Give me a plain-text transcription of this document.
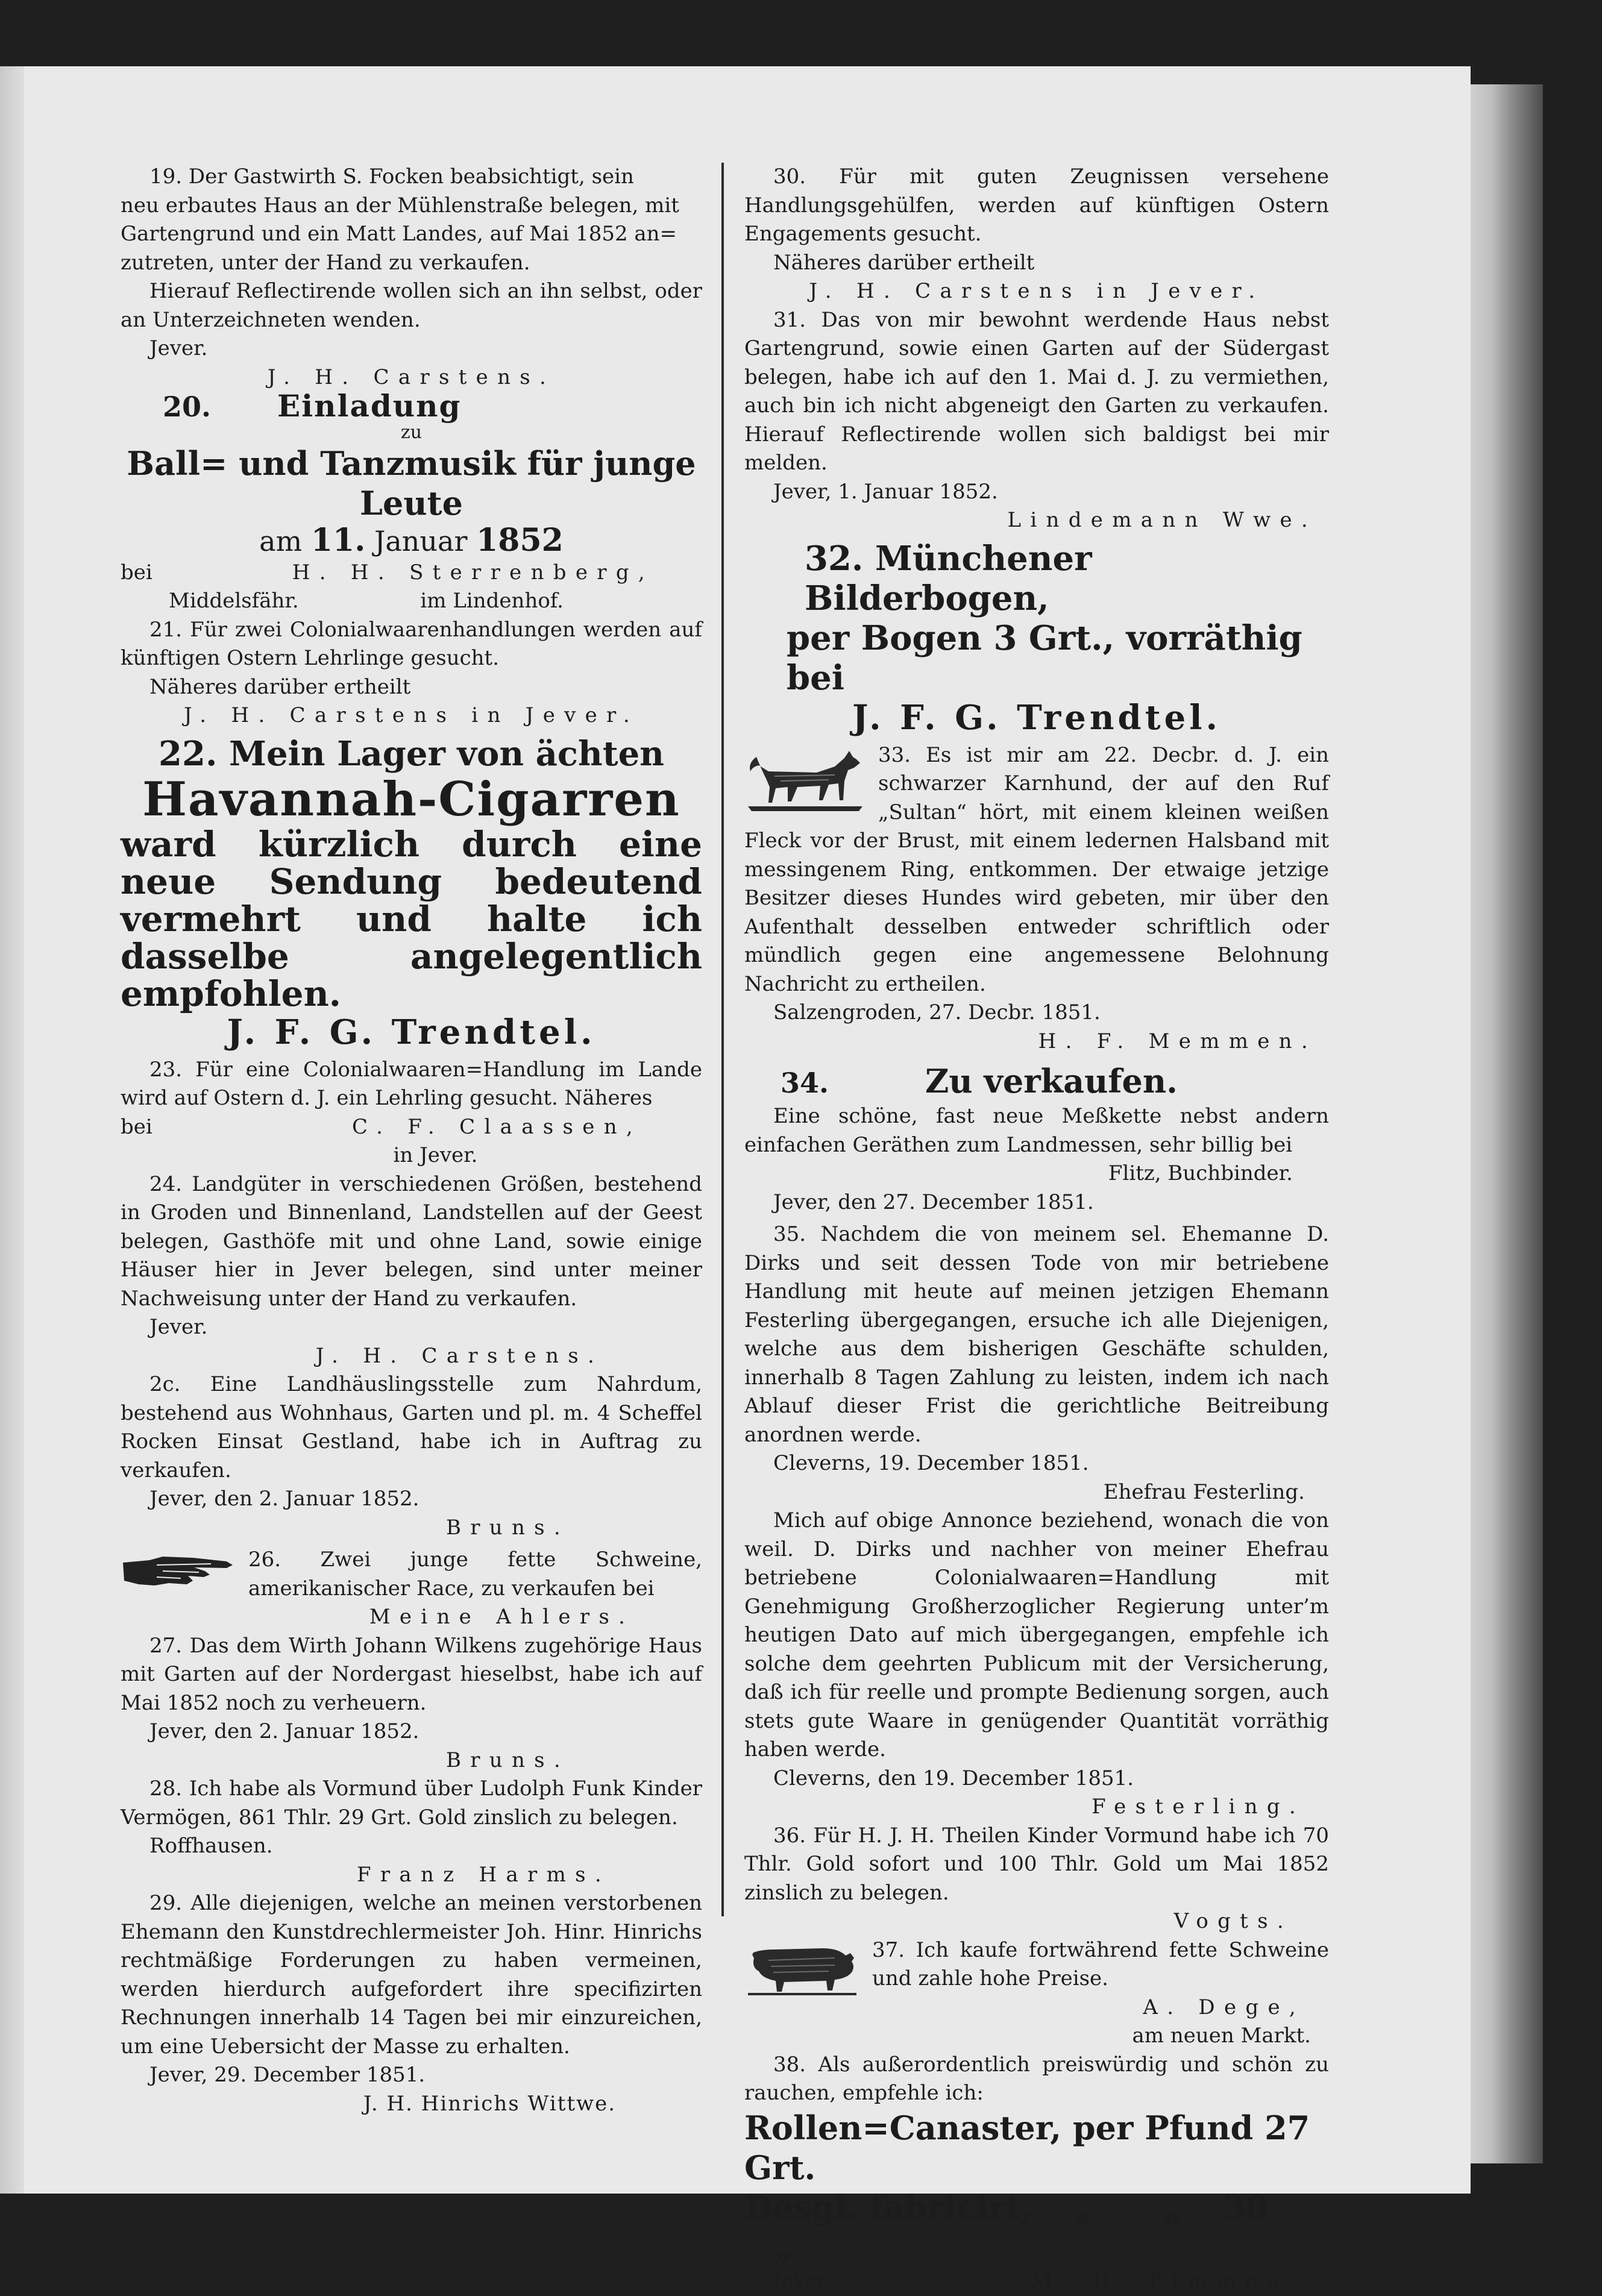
19. Der Gastwirth S. Focken beabsichtigt, sein

neu erbautes Haus an der Mühlenstraße belegen, mit

Gartengrund und ein Matt Landes, auf Mai 1852 an=

zutreten, unter der Hand zu verkaufen.

Hierauf Reflectirende wollen sich an ihn selbst, oder an Unterzeichneten wenden.

Jever.

J. H. Carstens.

20.	Einladung
zu
Ball= und Tanzmusik für junge Leute
am 11. Januar 1852
bei	H. H. Sterrenberg,
Middelsfähr.	im Lindenhof.

21. Für zwei Colonialwaarenhandlungen werden auf künftigen Ostern Lehrlinge gesucht.

Näheres darüber ertheilt

J. H. Carstens in Jever.

22. Mein Lager von ächten
Havannah-Cigarren

ward kürzlich durch eine neue Sendung bedeutend vermehrt und halte ich dasselbe angelegentlich empfohlen.

J. F. G. Trendtel.

23. Für eine Colonialwaaren=Handlung im Lande wird auf Ostern d. J. ein Lehrling gesucht. Näheres

bei	C. F. Claassen,

in Jever.

24. Landgüter in verschiedenen Größen, bestehend in Groden und Binnenland, Landstellen auf der Geest belegen, Gasthöfe mit und ohne Land, sowie einige Häuser hier in Jever belegen, sind unter meiner Nachweisung unter der Hand zu verkaufen.

Jever.

J. H. Carstens.

2c. Eine Landhäuslingsstelle zum Nahrdum, bestehend aus Wohnhaus, Garten und pl. m. 4 Scheffel Rocken Einsat Gestland, habe ich in Auftrag zu verkaufen.

Jever, den 2. Januar 1852.

Bruns.

26. Zwei junge fette Schweine, amerikanischer Race, zu verkaufen bei

Meine Ahlers.

27. Das dem Wirth Johann Wilkens zugehörige Haus mit Garten auf der Nordergast hieselbst, habe ich auf Mai 1852 noch zu verheuern.

Jever, den 2. Januar 1852.

Bruns.

28. Ich habe als Vormund über Ludolph Funk Kinder Vermögen, 861 Thlr. 29 Grt. Gold zinslich zu belegen.

Roffhausen.

Franz Harms.

29. Alle diejenigen, welche an meinen verstorbenen Ehemann den Kunstdrechlermeister Joh. Hinr. Hinrichs rechtmäßige Forderungen zu haben vermeinen, werden hierdurch aufgefordert ihre specifizirten Rechnungen innerhalb 14 Tagen bei mir einzureichen, um eine Uebersicht der Masse zu erhalten.

Jever, 29. December 1851.

J. H. Hinrichs Wittwe.

30. Für mit guten Zeugnissen versehene Handlungsgehülfen, werden auf künftigen Ostern Engagements gesucht.

Näheres darüber ertheilt

J. H. Carstens in Jever.

31. Das von mir bewohnt werdende Haus nebst Gartengrund, sowie einen Garten auf der Südergast belegen, habe ich auf den 1. Mai d. J. zu vermiethen, auch bin ich nicht abgeneigt den Garten zu verkaufen. Hierauf Reflectirende wollen sich baldigst bei mir melden.

Jever, 1. Januar 1852.

Lindemann Wwe.

32. Münchener Bilderbogen,
per Bogen 3 Grt., vorräthig bei
J. F. G. Trendtel.

33. Es ist mir am 22. Decbr. d. J. ein schwarzer Karnhund, der auf den Ruf „Sultan“ hört, mit einem kleinen weißen Fleck vor der Brust, mit einem ledernen Halsband mit messingenem Ring, entkommen. Der etwaige jetzige Besitzer dieses Hundes wird gebeten, mir über den Aufenthalt desselben entweder schriftlich oder mündlich gegen eine angemessene Belohnung Nachricht zu ertheilen.

Salzengroden, 27. Decbr. 1851.

H. F. Memmen.

34.	Zu verkaufen.

Eine schöne, fast neue Meßkette nebst andern einfachen Geräthen zum Landmessen, sehr billig bei

Flitz, Buchbinder.

Jever, den 27. December 1851.

35. Nachdem die von meinem sel. Ehemanne D. Dirks und seit dessen Tode von mir betriebene Handlung mit heute auf meinen jetzigen Ehemann Festerling übergegangen, ersuche ich alle Diejenigen, welche aus dem bisherigen Geschäfte schulden, innerhalb 8 Tagen Zahlung zu leisten, indem ich nach Ablauf dieser Frist die gerichtliche Beitreibung anordnen werde.

Cleverns, 19. December 1851.

Ehefrau Festerling.

Mich auf obige Annonce beziehend, wonach die von weil. D. Dirks und nachher von meiner Ehefrau betriebene Colonialwaaren=Handlung mit Genehmigung Großherzoglicher Regierung unter’m heutigen Dato auf mich übergegangen, empfehle ich solche dem geehrten Publicum mit der Versicherung, daß ich für reelle und prompte Bedienung sorgen, auch stets gute Waare in genügender Quantität vorräthig haben werde.

Cleverns, den 19. December 1851.

Festerling.

36. Für H. J. H. Theilen Kinder Vormund habe ich 70 Thlr. Gold sofort und 100 Thlr. Gold um Mai 1852 zinslich zu belegen.

Vogts.

37. Ich kaufe fortwährend fette Schweine und zahle hohe Preise.

A. Dege,

am neuen Markt.

38. Als außerordentlich preiswürdig und schön zu rauchen, empfehle ich:

Rollen=Canaster, per Pfund 27 Grt.
Desgl. fabricirt, „ „ 30 „

Jever.	M. D. Fimmen.
